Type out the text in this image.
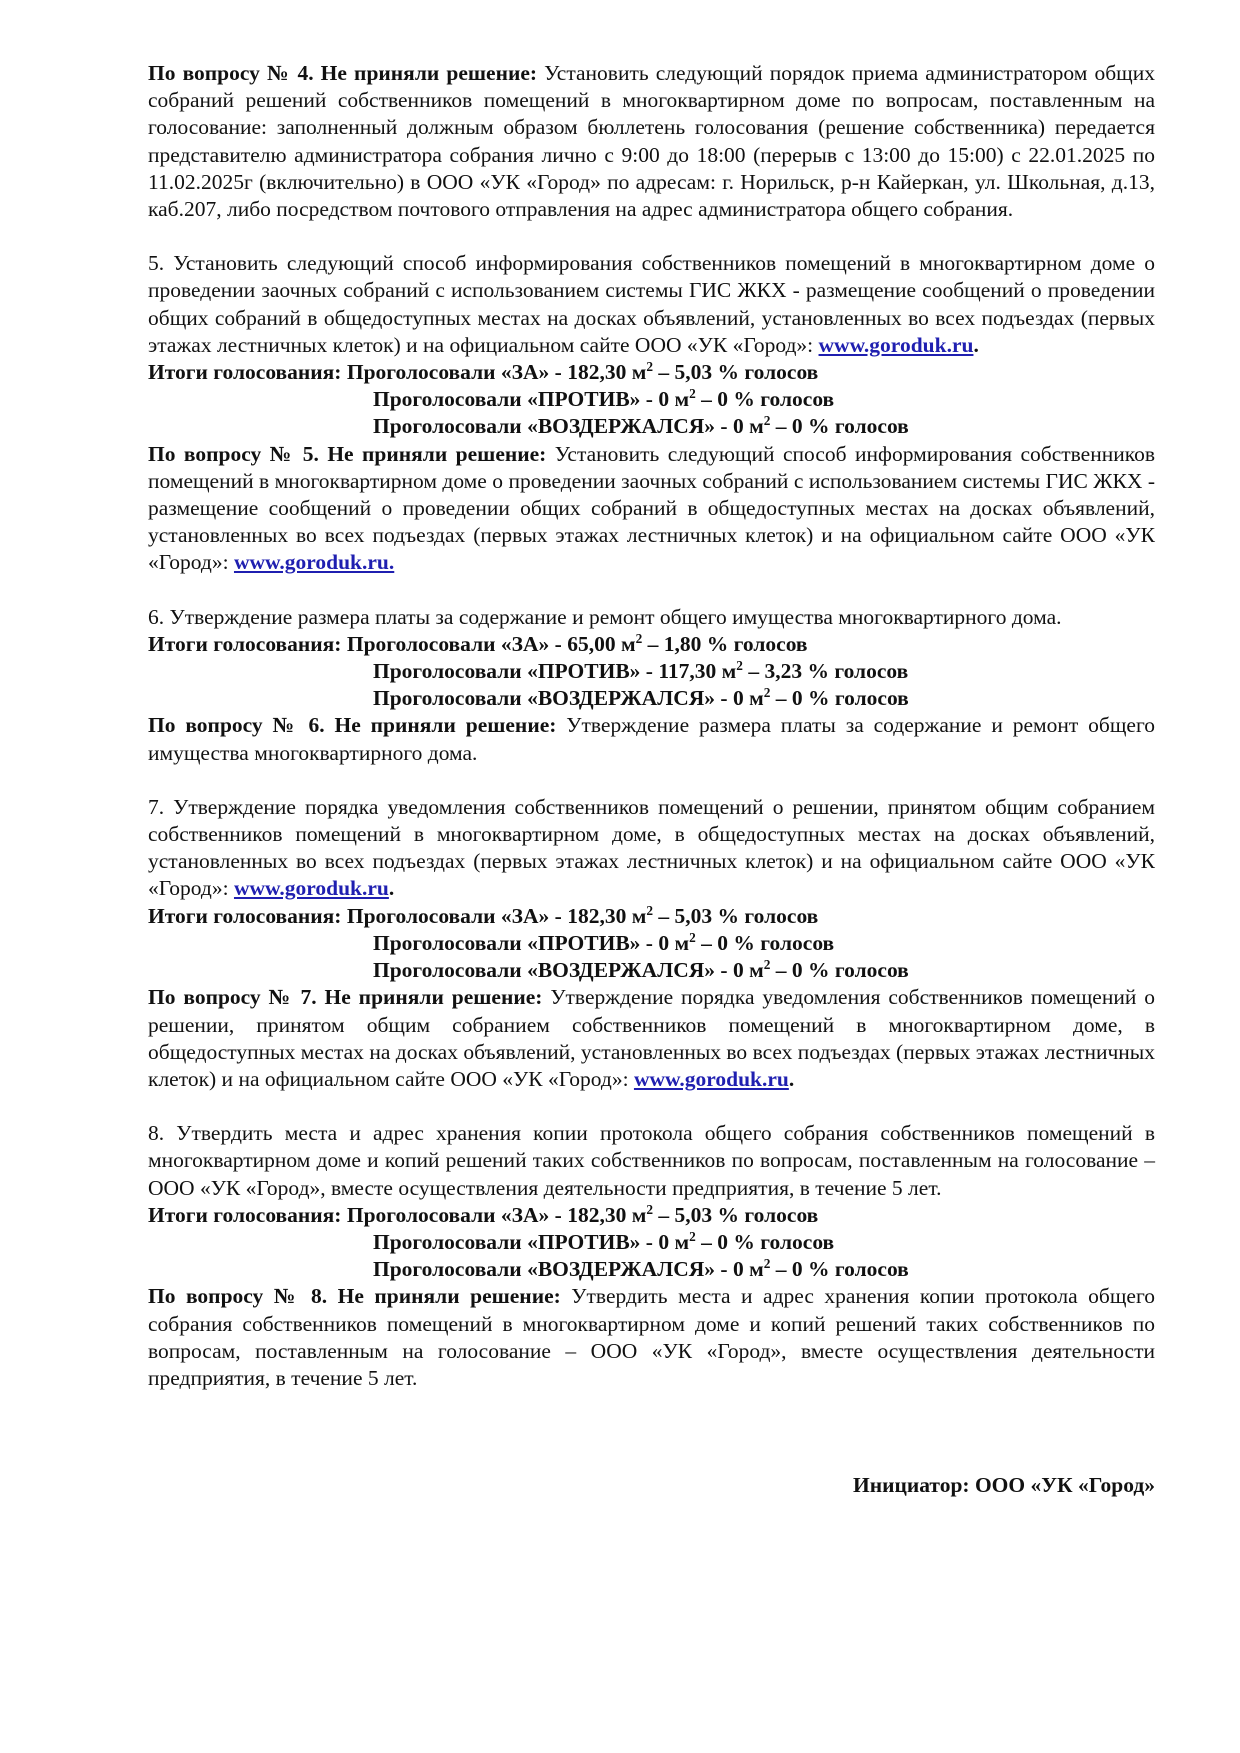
По вопросу № 4. Не приняли решение: Установить следующий порядок приема администратором общих собраний решений собственников помещений в многоквартирном доме по вопросам, поставленным на голосование: заполненный должным образом бюллетень голосования (решение собственника) передается представителю администратора собрания лично с 9:00 до 18:00 (перерыв с 13:00 до 15:00) с 22.01.2025 по 11.02.2025г (включительно) в ООО «УК «Город» по адресам: г. Норильск, р-н Кайеркан, ул. Школьная, д.13, каб.207, либо посредством почтового отправления на адрес администратора общего собрания.

5. Установить следующий способ информирования собственников помещений в многоквартирном доме о проведении заочных собраний с использованием системы ГИС ЖКХ - размещение сообщений о проведении общих собраний в общедоступных местах на досках объявлений, установленных во всех подъездах (первых этажах лестничных клеток) и на официальном сайте ООО «УК «Город»: www.goroduk.ru.

Итоги голосования: Проголосовали «ЗА» - 182,30 $м^2 - 5,03$ % голосов

Проголосовали «ПРОТИВ» - 0 $м^2 - 0$ % голосов

Проголосовали «ВОЗДЕРЖАЛСЯ» - 0 $м^2 - 0$ % голосов

По вопросу № 5. Не приняли решение: Установить следующий способ информирования собственников помещений в многоквартирном доме о проведении заочных собраний с использованием системы ГИС ЖКХ - размещение сообщений о проведении общих собраний в общедоступных местах на досках объявлений, установленных во всех подъездах (первых этажах лестничных клеток) и на официальном сайте ООО «УК «Город»: www.goroduk.ru.

6. Утверждение размера платы за содержание и ремонт общего имущества многоквартирного дома.

Итоги голосования: Проголосовали «ЗА» - 65,00 $м^2 - 1,80$ % голосов

Проголосовали «ПРОТИВ» - 117,30 $м^2 - 3,23$ % голосов

Проголосовали «ВОЗДЕРЖАЛСЯ» - 0 $м^2 - 0$ % голосов

По вопросу № 6. Не приняли решение: Утверждение размера платы за содержание и ремонт общего имущества многоквартирного дома.

7. Утверждение порядка уведомления собственников помещений о решении, принятом общим собранием собственников помещений в многоквартирном доме, в общедоступных местах на досках объявлений, установленных во всех подъездах (первых этажах лестничных клеток) и на официальном сайте ООО «УК «Город»: www.goroduk.ru.

Итоги голосования: Проголосовали «ЗА» - 182,30 $м^2 - 5,03$ % голосов

Проголосовали «ПРОТИВ» - 0 $м^2 - 0$ % голосов

Проголосовали «ВОЗДЕРЖАЛСЯ» - 0 $м^2 - 0$ % голосов

По вопросу № 7. Не приняли решение: Утверждение порядка уведомления собственников помещений о решении, принятом общим собранием собственников помещений в многоквартирном доме, в общедоступных местах на досках объявлений, установленных во всех подъездах (первых этажах лестничных клеток) и на официальном сайте ООО «УК «Город»: www.goroduk.ru.

8. Утвердить места и адрес хранения копии протокола общего собрания собственников помещений в многоквартирном доме и копий решений таких собственников по вопросам, поставленным на голосование – ООО «УК «Город», вместе осуществления деятельности предприятия, в течение 5 лет.

Итоги голосования: Проголосовали «ЗА» - 182,30 $м^2 - 5,03$ % голосов

Проголосовали «ПРОТИВ» - 0 $м^2 - 0$ % голосов

Проголосовали «ВОЗДЕРЖАЛСЯ» - 0 $м^2 - 0$ % голосов

По вопросу № 8. Не приняли решение: Утвердить места и адрес хранения копии протокола общего собрания собственников помещений в многоквартирном доме и копий решений таких собственников по вопросам, поставленным на голосование – ООО «УК «Город», вместе осуществления деятельности предприятия, в течение 5 лет.

Инициатор: ООО «УК «Город»
